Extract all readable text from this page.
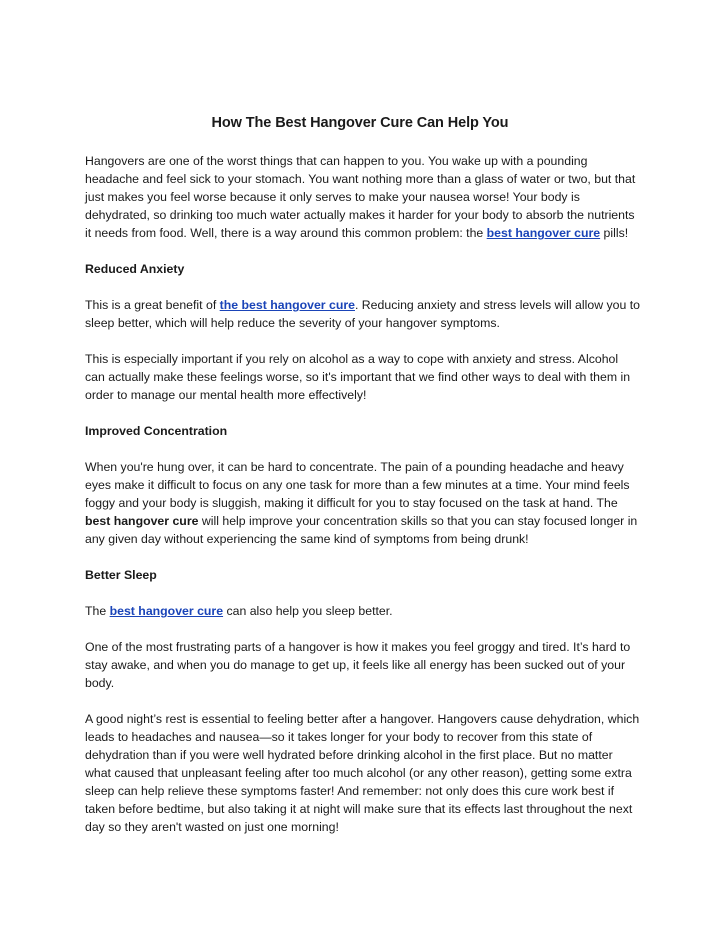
How The Best Hangover Cure Can Help You

Hangovers are one of the worst things that can happen to you. You wake up with a pounding headache and feel sick to your stomach. You want nothing more than a glass of water or two, but that just makes you feel worse because it only serves to make your nausea worse! Your body is dehydrated, so drinking too much water actually makes it harder for your body to absorb the nutrients it needs from food. Well, there is a way around this common problem: the best hangover cure pills!

Reduced Anxiety

This is a great benefit of the best hangover cure. Reducing anxiety and stress levels will allow you to sleep better, which will help reduce the severity of your hangover symptoms.

This is especially important if you rely on alcohol as a way to cope with anxiety and stress. Alcohol can actually make these feelings worse, so it's important that we find other ways to deal with them in order to manage our mental health more effectively!

Improved Concentration

When you're hung over, it can be hard to concentrate. The pain of a pounding headache and heavy eyes make it difficult to focus on any one task for more than a few minutes at a time. Your mind feels foggy and your body is sluggish, making it difficult for you to stay focused on the task at hand. The best hangover cure will help improve your concentration skills so that you can stay focused longer in any given day without experiencing the same kind of symptoms from being drunk!

Better Sleep

The best hangover cure can also help you sleep better.

One of the most frustrating parts of a hangover is how it makes you feel groggy and tired. It’s hard to stay awake, and when you do manage to get up, it feels like all energy has been sucked out of your body.

A good night’s rest is essential to feeling better after a hangover. Hangovers cause dehydration, which leads to headaches and nausea—so it takes longer for your body to recover from this state of dehydration than if you were well hydrated before drinking alcohol in the first place. But no matter what caused that unpleasant feeling after too much alcohol (or any other reason), getting some extra sleep can help relieve these symptoms faster! And remember: not only does this cure work best if taken before bedtime, but also taking it at night will make sure that its effects last throughout the next day so they aren't wasted on just one morning!
